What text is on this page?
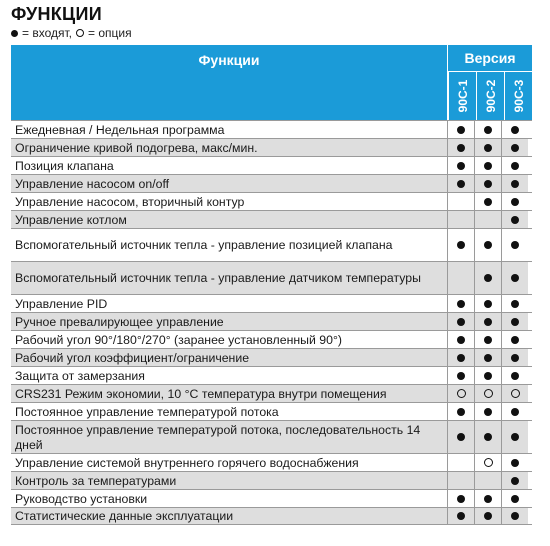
ФУНКЦИИ
= входят, = опция
Функции	Версия
90C-1 90C-2 90C-3
Ежедневная / Недельная программа
Ограничение кривой подогрева, макс/мин.
Позиция клапана
Управление насосом on/off
Управление насосом, вторичный контур
Управление котлом
Вспомогательный источник тепла - управление позицией клапана
Вспомогательный источник тепла - управление датчиком температуры
Управление PID
Ручное превалирующее управление
Рабочий угол 90°/180°/270° (заранее установленный 90°)
Рабочий угол коэффициент/ограничение
Защита от замерзания
CRS231 Режим экономии, 10 °С температура внутри помещения
Постоянное управление температурой потока
Постоянное управление температурой потока, последовательность 14 дней
Управление системой внутреннего горячего водоснабжения
Контроль за температурами
Руководство установки
Статистические данные эксплуатации
